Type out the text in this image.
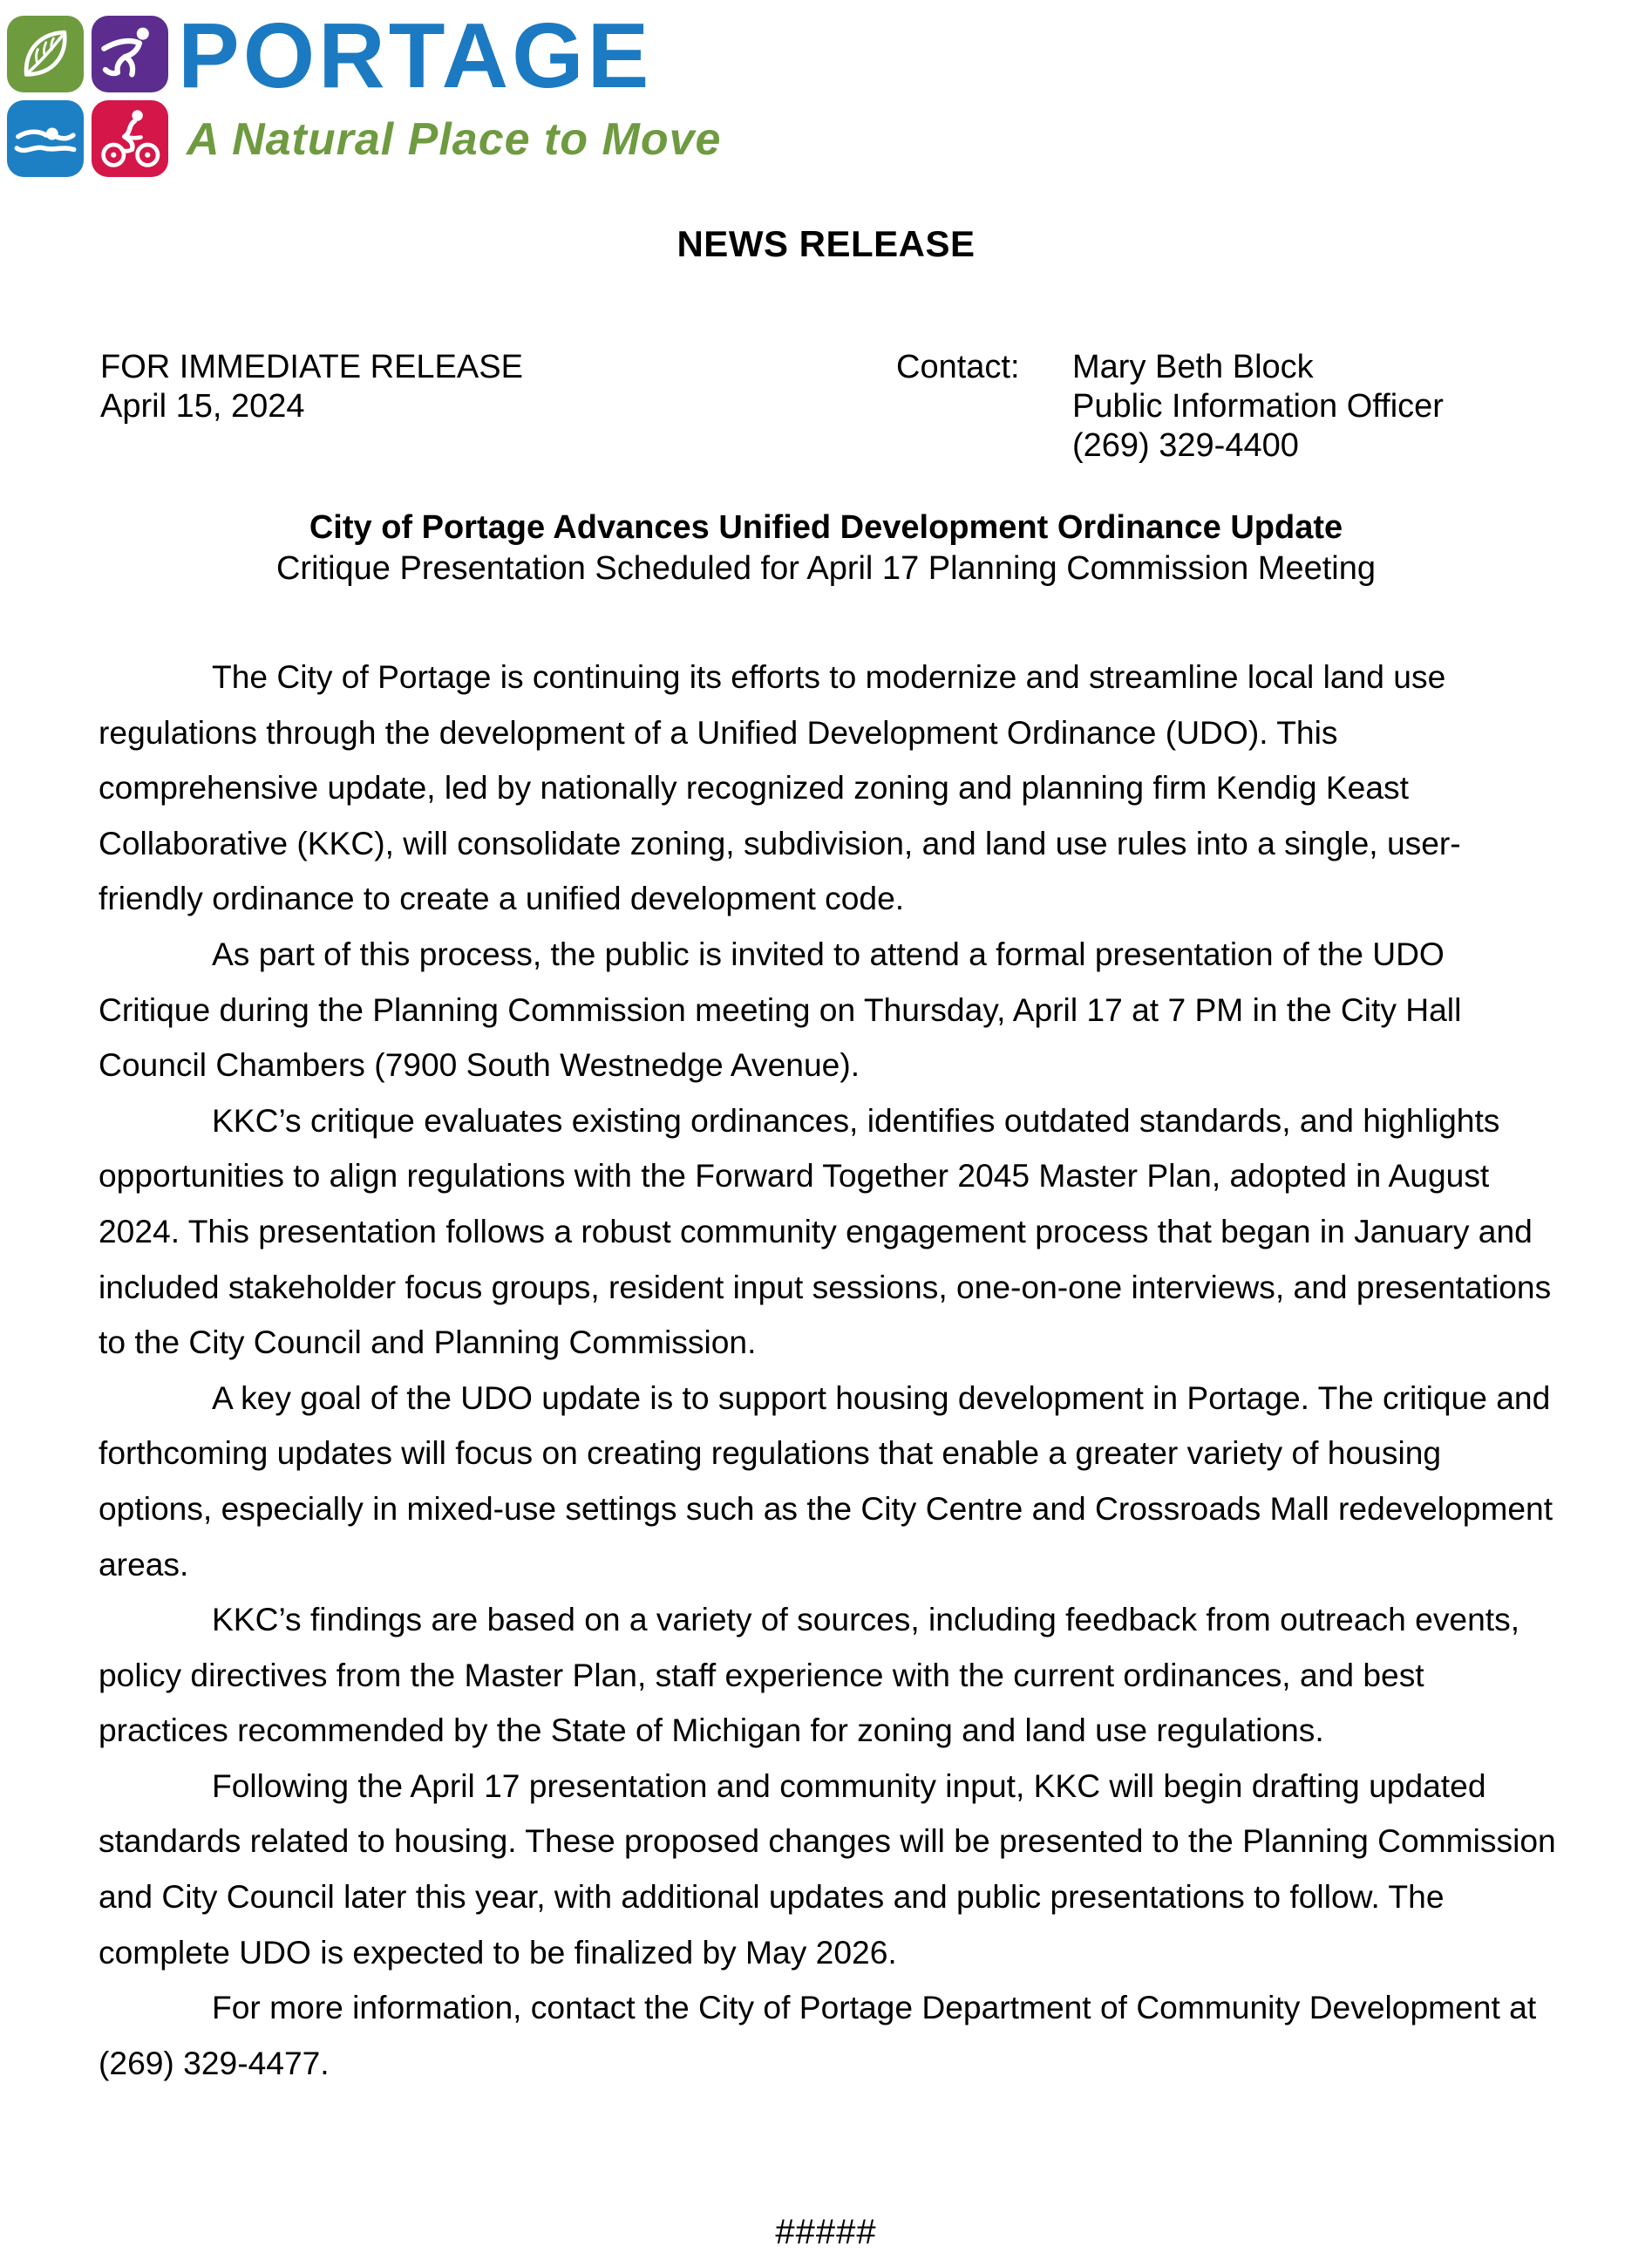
PORTAGE
A Natural Place to Move
NEWS RELEASE
FOR IMMEDIATE RELEASE
April 15, 2024
Contact: Mary Beth Block
Public Information Officer
(269) 329-4400
City of Portage Advances Unified Development Ordinance Update
Critique Presentation Scheduled for April 17 Planning Commission Meeting

The City of Portage is continuing its efforts to modernize and streamline local land use regulations through the development of a Unified Development Ordinance (UDO). This comprehensive update, led by nationally recognized zoning and planning firm Kendig Keast Collaborative (KKC), will consolidate zoning, subdivision, and land use rules into a single, user-friendly ordinance to create a unified development code.

As part of this process, the public is invited to attend a formal presentation of the UDO Critique during the Planning Commission meeting on Thursday, April 17 at 7 PM in the City Hall Council Chambers (7900 South Westnedge Avenue).

KKC’s critique evaluates existing ordinances, identifies outdated standards, and highlights opportunities to align regulations with the Forward Together 2045 Master Plan, adopted in August 2024. This presentation follows a robust community engagement process that began in January and included stakeholder focus groups, resident input sessions, one-on-one interviews, and presentations to the City Council and Planning Commission.

A key goal of the UDO update is to support housing development in Portage. The critique and forthcoming updates will focus on creating regulations that enable a greater variety of housing options, especially in mixed-use settings such as the City Centre and Crossroads Mall redevelopment areas.

KKC’s findings are based on a variety of sources, including feedback from outreach events, policy directives from the Master Plan, staff experience with the current ordinances, and best practices recommended by the State of Michigan for zoning and land use regulations.

Following the April 17 presentation and community input, KKC will begin drafting updated standards related to housing. These proposed changes will be presented to the Planning Commission and City Council later this year, with additional updates and public presentations to follow. The complete UDO is expected to be finalized by May 2026.

For more information, contact the City of Portage Department of Community Development at (269) 329-4477.

#####
